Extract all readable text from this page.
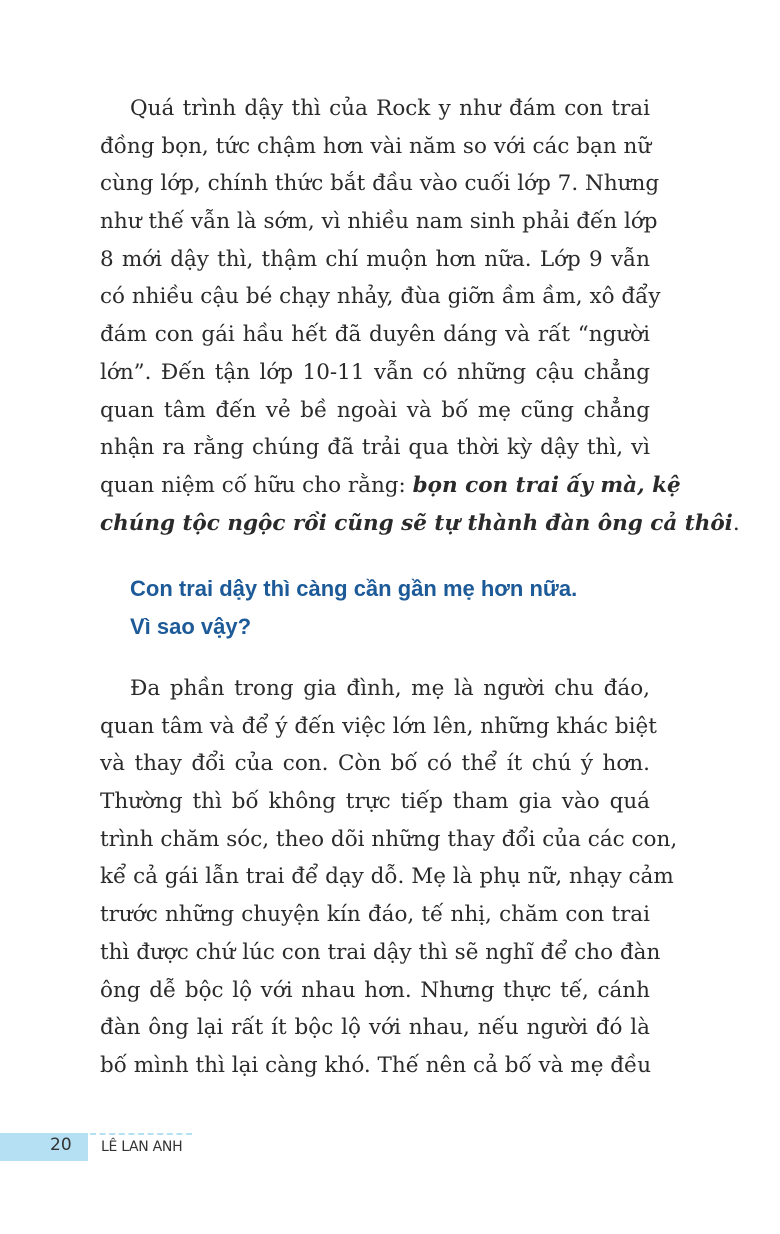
Quá trình dậy thì của Rock y như đám con trai
đồng bọn, tức chậm hơn vài năm so với các bạn nữ
cùng lớp, chính thức bắt đầu vào cuối lớp 7. Nhưng
như thế vẫn là sớm, vì nhiều nam sinh phải đến lớp
8 mới dậy thì, thậm chí muộn hơn nữa. Lớp 9 vẫn
có nhiều cậu bé chạy nhảy, đùa giỡn ầm ầm, xô đẩy
đám con gái hầu hết đã duyên dáng và rất “người
lớn”. Đến tận lớp 10-11 vẫn có những cậu chẳng
quan tâm đến vẻ bề ngoài và bố mẹ cũng chẳng
nhận ra rằng chúng đã trải qua thời kỳ dậy thì, vì
quan niệm cố hữu cho rằng: bọn con trai ấy mà, kệ
chúng tộc ngộc rồi cũng sẽ tự thành đàn ông cả thôi.
Con trai dậy thì càng cần gần mẹ hơn nữa.
Vì sao vậy?
Đa phần trong gia đình, mẹ là người chu đáo,
quan tâm và để ý đến việc lớn lên, những khác biệt
và thay đổi của con. Còn bố có thể ít chú ý hơn.
Thường thì bố không trực tiếp tham gia vào quá
trình chăm sóc, theo dõi những thay đổi của các con,
kể cả gái lẫn trai để dạy dỗ. Mẹ là phụ nữ, nhạy cảm
trước những chuyện kín đáo, tế nhị, chăm con trai
thì được chứ lúc con trai dậy thì sẽ nghĩ để cho đàn
ông dễ bộc lộ với nhau hơn. Nhưng thực tế, cánh
đàn ông lại rất ít bộc lộ với nhau, nếu người đó là
bố mình thì lại càng khó. Thế nên cả bố và mẹ đều
20 LÊ LAN ANH
